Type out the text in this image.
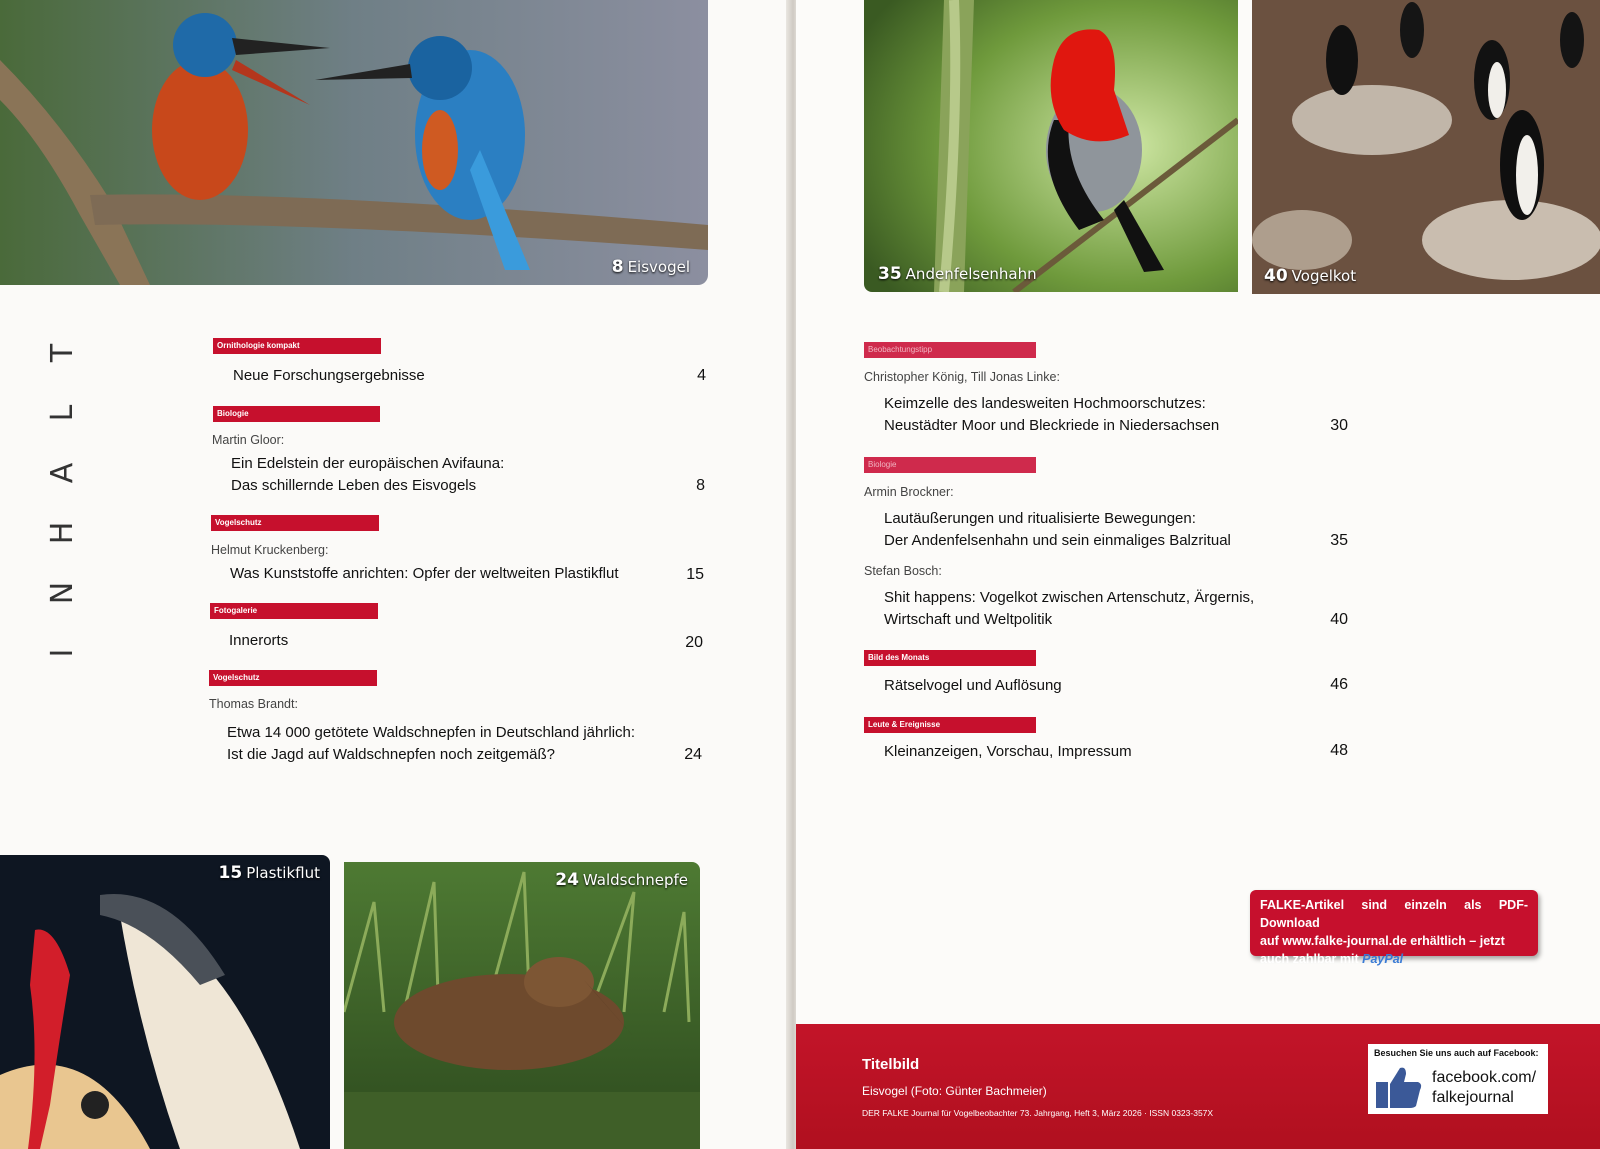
8 Eisvogel
T
L
A
H
N
I
Ornithologie kompakt
Neue Forschungsergebnisse	4
Biologie
Martin Gloor:
Ein Edelstein der europäischen Avifauna:
Das schillernde Leben des Eisvogels	8
Vogelschutz
Helmut Kruckenberg:
Was Kunststoffe anrichten: Opfer der weltweiten Plastikflut	15
Fotogalerie
Innerorts	20
Vogelschutz
Thomas Brandt:
Etwa 14 000 getötete Waldschnepfen in Deutschland jährlich:
Ist die Jagd auf Waldschnepfen noch zeitgemäß?	24
15 Plastikflut	24 Waldschnepfe
35 Andenfelsenhahn	40 Vogelkot
Beobachtungstipp
Christopher König, Till Jonas Linke:
Keimzelle des landesweiten Hochmoorschutzes:
Neustädter Moor und Bleckriede in Niedersachsen	30
Biologie
Armin Brockner:
Lautäußerungen und ritualisierte Bewegungen:
Der Andenfelsenhahn und sein einmaliges Balzritual	35
Stefan Bosch:
Shit happens: Vogelkot zwischen Artenschutz, Ärgernis,
Wirtschaft und Weltpolitik	40
Bild des Monats
Rätselvogel und Auflösung	46
Leute & Ereignisse
Kleinanzeigen, Vorschau, Impressum	48
FALKE-Artikel sind einzeln als PDF-Download
auf www.falke-journal.de erhältlich – jetzt
auch zahlbar mit PayPal
Titelbild
Eisvogel (Foto: Günter Bachmeier)
DER FALKE Journal für Vogelbeobachter 73. Jahrgang, Heft 3, März 2026 · ISSN 0323-357X
Besuchen Sie uns auch auf Facebook:
facebook.com/
falkejournal
